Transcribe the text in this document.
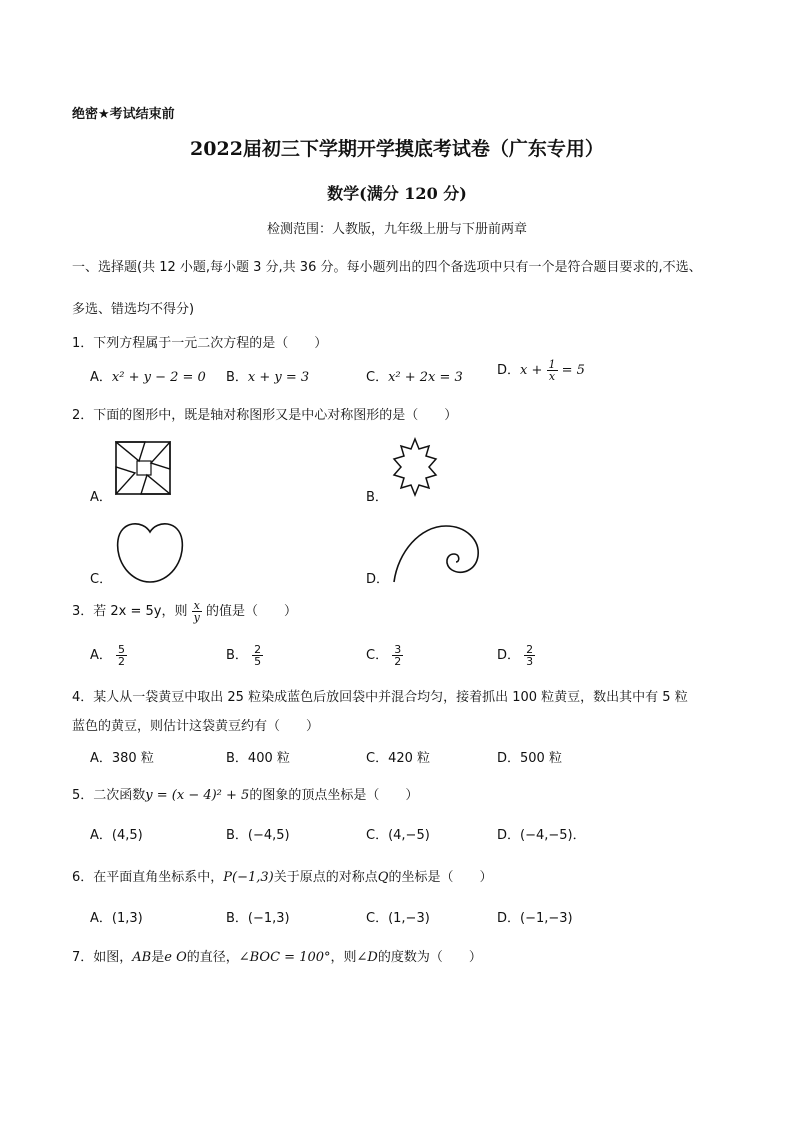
绝密★考试结束前
2022届初三下学期开学摸底考试卷（广东专用）
数学(满分 120 分)
检测范围：人教版，九年级上册与下册前两章
一、选择题(共 12 小题,每小题 3 分,共 36 分。每小题列出的四个备选项中只有一个是符合题目要求的,不选、
多选、错选均不得分)
1．下列方程属于一元二次方程的是（　　）
A．x² + y − 2 = 0 B．x + y = 3	C．x² + 2x = 3	D．$x + \frac{1}{x} = 5$
2．下面的图形中，既是轴对称图形又是中心对称图形的是（　　）
A．	B．
C．	D．
3．若 2x = 5y，则 $\frac{x}{y}$ 的值是（　　）
A． $\frac{5}{2}$	B． $\frac{2}{5}$	C． $\frac{3}{2}$	D． $\frac{2}{3}$
4．某人从一袋黄豆中取出 25 粒染成蓝色后放回袋中并混合均匀，接着抓出 100 粒黄豆，数出其中有 5 粒
蓝色的黄豆，则估计这袋黄豆约有（　　）
A．380 粒	B．400 粒	C．420 粒	D．500 粒
5．二次函数y = (x − 4)² + 5的图象的顶点坐标是（　　）
A．(4,5)	B．(−4,5)	C．(4,−5)	D．(−4,−5)．
6．在平面直角坐标系中，P(−1,3)关于原点的对称点Q的坐标是（　　）
A．(1,3)	B．(−1,3)	C．(1,−3)	D．(−1,−3)
7．如图，AB是e O的直径，∠BOC = 100°，则∠D的度数为（　　）
